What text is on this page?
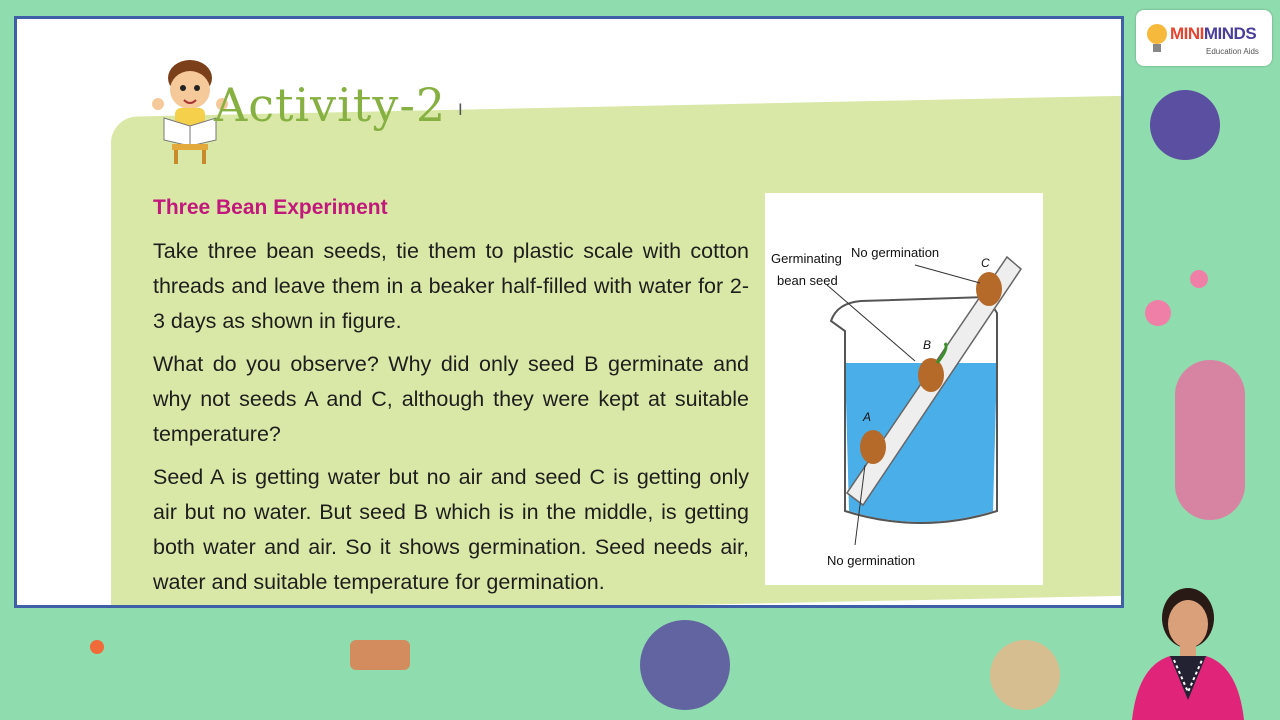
Activity-2 Ⅰ
Three Bean Experiment
Take three bean seeds, tie them to plastic scale with cotton threads and leave them in a beaker half-filled with water for 2-3 days as shown in figure.
What do you observe? Why did only seed B germinate and why not seeds A and C, although they were kept at suitable temperature?
Seed A is getting water but no air and seed C is getting only air but no water. But seed B which is in the middle, is getting both water and air. So it shows germination. Seed needs air, water and suitable temperature for germination.
Germinating
bean seed
No germination
No germination
A
B
C
MINIMINDS
Education Aids
